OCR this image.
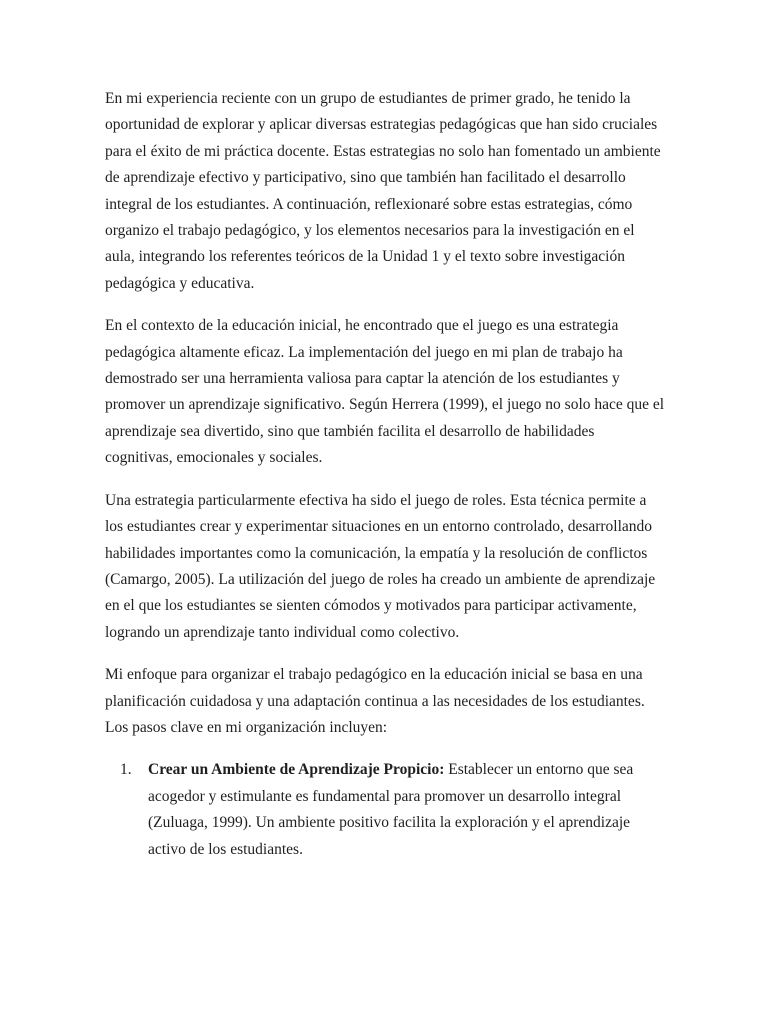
En mi experiencia reciente con un grupo de estudiantes de primer grado, he tenido la oportunidad de explorar y aplicar diversas estrategias pedagógicas que han sido cruciales para el éxito de mi práctica docente. Estas estrategias no solo han fomentado un ambiente de aprendizaje efectivo y participativo, sino que también han facilitado el desarrollo integral de los estudiantes. A continuación, reflexionaré sobre estas estrategias, cómo organizo el trabajo pedagógico, y los elementos necesarios para la investigación en el aula, integrando los referentes teóricos de la Unidad 1 y el texto sobre investigación pedagógica y educativa.

En el contexto de la educación inicial, he encontrado que el juego es una estrategia pedagógica altamente eficaz. La implementación del juego en mi plan de trabajo ha demostrado ser una herramienta valiosa para captar la atención de los estudiantes y promover un aprendizaje significativo. Según Herrera (1999), el juego no solo hace que el aprendizaje sea divertido, sino que también facilita el desarrollo de habilidades cognitivas, emocionales y sociales.

Una estrategia particularmente efectiva ha sido el juego de roles. Esta técnica permite a los estudiantes crear y experimentar situaciones en un entorno controlado, desarrollando habilidades importantes como la comunicación, la empatía y la resolución de conflictos (Camargo, 2005). La utilización del juego de roles ha creado un ambiente de aprendizaje en el que los estudiantes se sienten cómodos y motivados para participar activamente, logrando un aprendizaje tanto individual como colectivo.

Mi enfoque para organizar el trabajo pedagógico en la educación inicial se basa en una planificación cuidadosa y una adaptación continua a las necesidades de los estudiantes. Los pasos clave en mi organización incluyen:

1. Crear un Ambiente de Aprendizaje Propicio: Establecer un entorno que sea acogedor y estimulante es fundamental para promover un desarrollo integral (Zuluaga, 1999). Un ambiente positivo facilita la exploración y el aprendizaje activo de los estudiantes.
